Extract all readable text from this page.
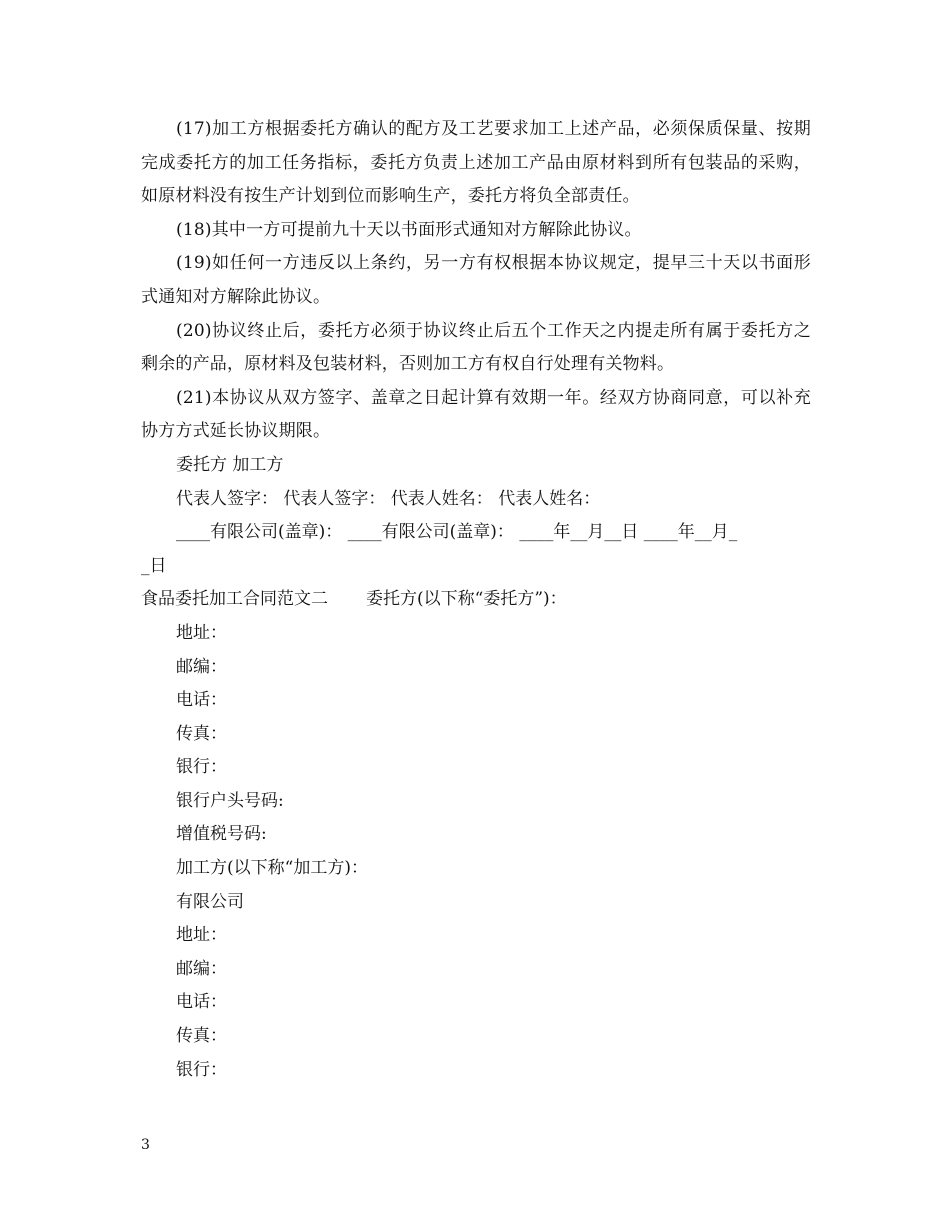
(17)加工方根据委托方确认的配方及工艺要求加工上述产品，必须保质保量、按期完成委托方的加工任务指标，委托方负责上述加工产品由原材料到所有包装品的采购，如原材料没有按生产计划到位而影响生产，委托方将负全部责任。

(18)其中一方可提前九十天以书面形式通知对方解除此协议。

(19)如任何一方违反以上条约，另一方有权根据本协议规定，提早三十天以书面形式通知对方解除此协议。

(20)协议终止后，委托方必须于协议终止后五个工作天之内提走所有属于委托方之剩余的产品，原材料及包装材料，否则加工方有权自行处理有关物料。

(21)本协议从双方签字、盖章之日起计算有效期一年。经双方协商同意，可以补充协方方式延长协议期限。

委托方 加工方

代表人签字： 代表人签字： 代表人姓名： 代表人姓名：

____有限公司(盖章)： ____有限公司(盖章)： ____年__月__日 ____年__月_

_日

食品委托加工合同范文二 委托方(以下称“委托方”)：

地址：

邮编：

电话：

传真：

银行：

银行户头号码:

增值税号码:

加工方(以下称“加工方)：

有限公司

地址：

邮编：

电话：

传真：

银行：

3
